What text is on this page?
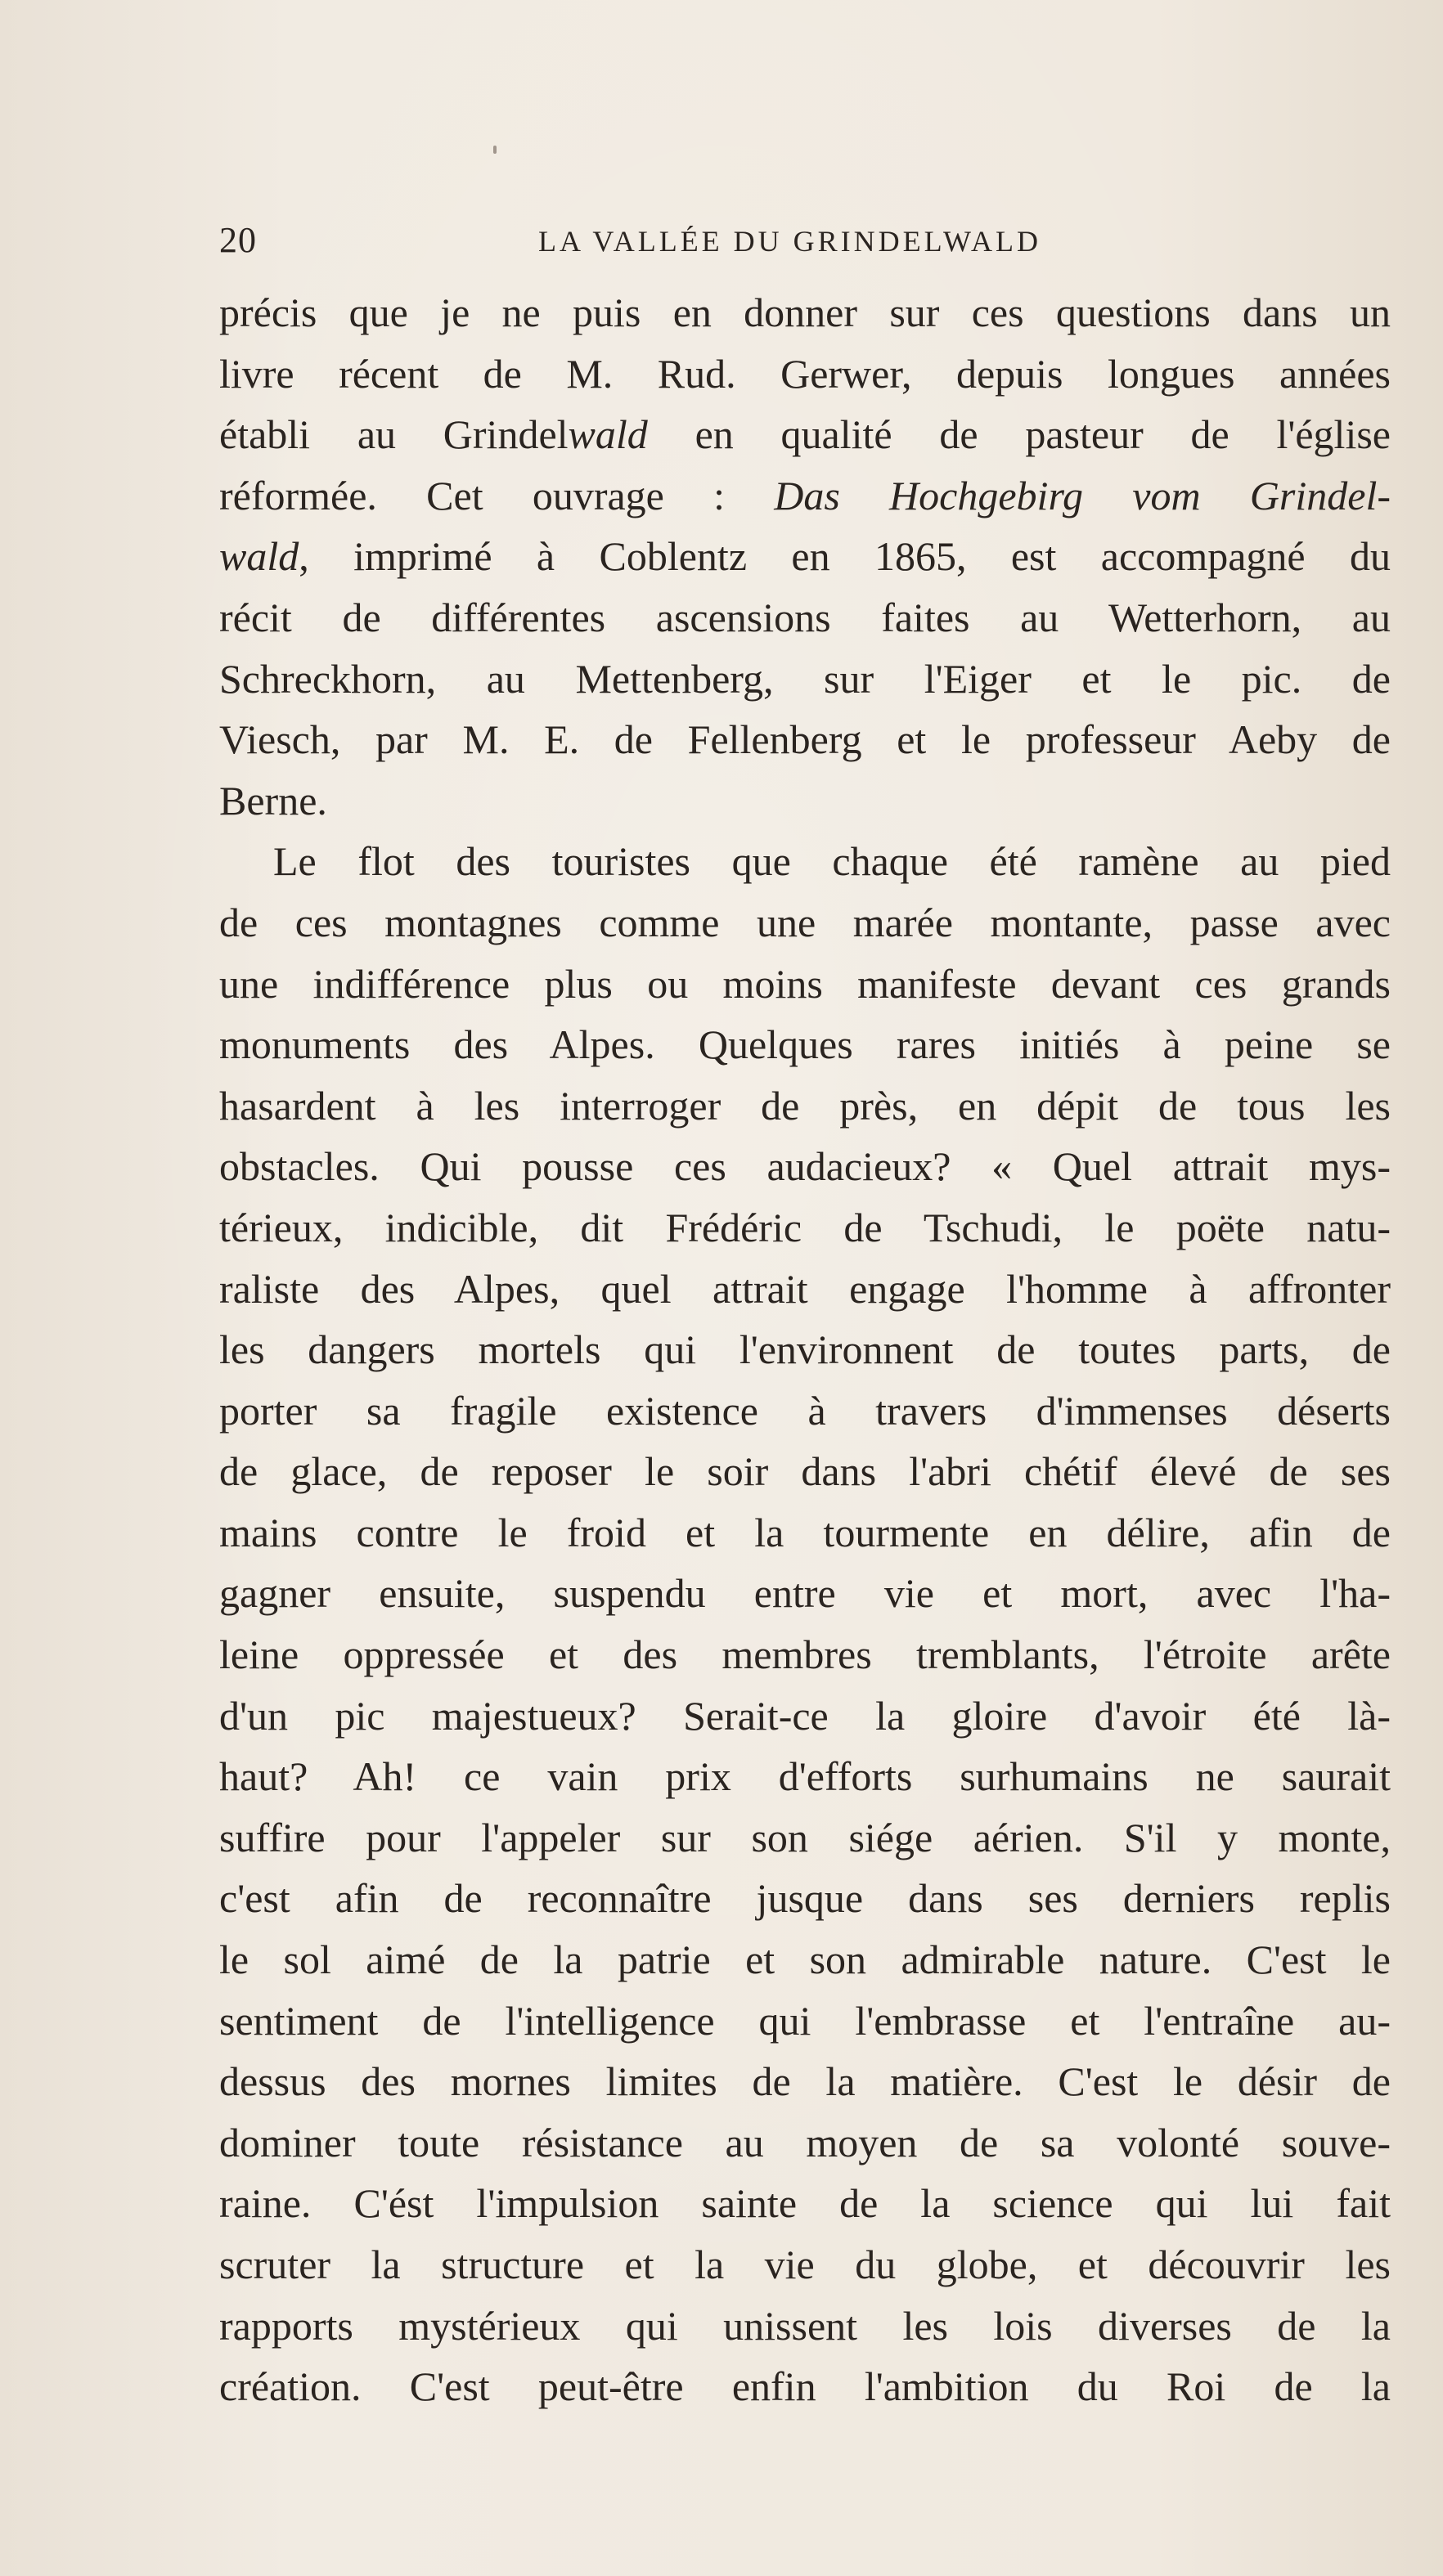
20	LA VALLÉE DU GRINDELWALD
précis que je ne puis en donner sur ces questions dans un
livre récent de M. Rud. Gerwer, depuis longues années
établi au Grindelwald en qualité de pasteur de l'église
réformée. Cet ouvrage : Das Hochgebirg vom Grindel-
wald, imprimé à Coblentz en 1865, est accompagné du
récit de différentes ascensions faites au Wetterhorn, au
Schreckhorn, au Mettenberg, sur l'Eiger et le pic. de
Viesch, par M. E. de Fellenberg et le professeur Aeby de
Berne.
Le flot des touristes que chaque été ramène au pied
de ces montagnes comme une marée montante, passe avec
une indifférence plus ou moins manifeste devant ces grands
monuments des Alpes. Quelques rares initiés à peine se
hasardent à les interroger de près, en dépit de tous les
obstacles. Qui pousse ces audacieux? « Quel attrait mys-
térieux, indicible, dit Frédéric de Tschudi, le poëte natu-
raliste des Alpes, quel attrait engage l'homme à affronter
les dangers mortels qui l'environnent de toutes parts, de
porter sa fragile existence à travers d'immenses déserts
de glace, de reposer le soir dans l'abri chétif élevé de ses
mains contre le froid et la tourmente en délire, afin de
gagner ensuite, suspendu entre vie et mort, avec l'ha-
leine oppressée et des membres tremblants, l'étroite arête
d'un pic majestueux? Serait-ce la gloire d'avoir été là-
haut? Ah! ce vain prix d'efforts surhumains ne saurait
suffire pour l'appeler sur son siége aérien. S'il y monte,
c'est afin de reconnaître jusque dans ses derniers replis
le sol aimé de la patrie et son admirable nature. C'est le
sentiment de l'intelligence qui l'embrasse et l'entraîne au-
dessus des mornes limites de la matière. C'est le désir de
dominer toute résistance au moyen de sa volonté souve-
raine. C'ést l'impulsion sainte de la science qui lui fait
scruter la structure et la vie du globe, et découvrir les
rapports mystérieux qui unissent les lois diverses de la
création. C'est peut-être enfin l'ambition du Roi de la
